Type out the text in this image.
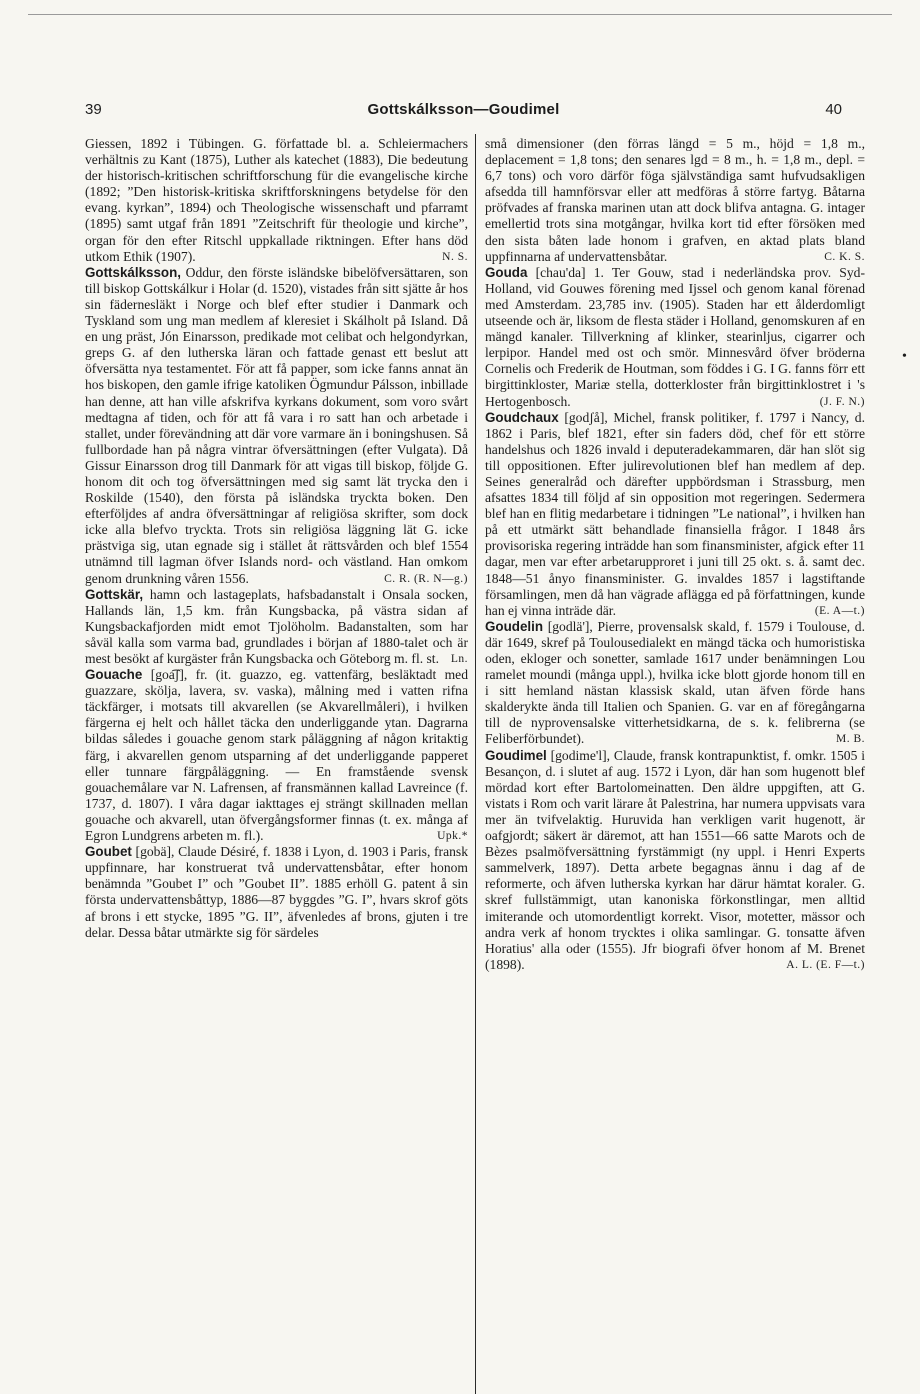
39	Gottskálksson—Goudimel	40
•

Giessen, 1892 i Tübingen. G. författade bl. a. Schleiermachers verhältnis zu Kant (1875), Luther als katechet (1883), Die bedeutung der historisch-kritischen schriftforschung für die evangelische kirche (1892; ”Den historisk-kritiska skriftforskningens betydelse för den evang. kyrkan”, 1894) och Theologische wissenschaft und pfarramt (1895) samt utgaf från 1891 ”Zeitschrift für theologie und kirche”, organ för den efter Ritschl uppkallade riktningen. Efter hans död utkom Ethik (1907).	N. S.

Gottskálksson, Oddur, den förste isländske bibelöfversättaren, son till biskop Gottskálkur i Holar (d. 1520), vistades från sitt sjätte år hos sin fädernesläkt i Norge och blef efter studier i Danmark och Tyskland som ung man medlem af kleresiet i Skálholt på Island. Då en ung präst, Jón Einarsson, predikade mot celibat och helgondyrkan, greps G. af den lutherska läran och fattade genast ett beslut att öfversätta nya testamentet. För att få papper, som icke fanns annat än hos biskopen, den gamle ifrige katoliken Ögmundur Pálsson, inbillade han denne, att han ville afskrifva kyrkans dokument, som voro svårt medtagna af tiden, och för att få vara i ro satt han och arbetade i stallet, under förevändning att där vore varmare än i boningshusen. Så fullbordade han på några vintrar öfversättningen (efter Vulgata). Då Gissur Einarsson drog till Danmark för att vigas till biskop, följde G. honom dit och tog öfversättningen med sig samt lät trycka den i Roskilde (1540), den första på isländska tryckta boken. Den efterföljdes af andra öfversättningar af religiösa skrifter, som dock icke alla blefvo tryckta. Trots sin religiösa läggning lät G. icke prästviga sig, utan egnade sig i stället åt rättsvården och blef 1554 utnämnd till lagman öfver Islands nord- och västland. Han omkom genom drunkning våren 1556.	C. R. (R. N—g.)

Gottskär, hamn och lastageplats, hafsbadanstalt i Onsala socken, Hallands län, 1,5 km. från Kungsbacka, på västra sidan af Kungsbackafjorden midt emot Tjolöholm. Badanstalten, som har såväl kalla som varma bad, grundlades i början af 1880-talet och är mest besökt af kurgäster från Kungsbacka och Göteborg m. fl. st. Ln.

Gouache [goa͡ʃ], fr. (it. guazzo, eg. vattenfärg, besläktadt med guazzare, skölja, lavera, sv. vaska), målning med i vatten rifna täckfärger, i motsats till akvarellen (se Akvarellmåleri), i hvilken färgerna ej helt och hållet täcka den underliggande ytan. Dagrarna bildas således i gouache genom stark påläggning af någon kritaktig färg, i akvarellen genom utsparning af det underliggande papperet eller tunnare färgpåläggning. — En framstående svensk gouachemålare var N. Lafrensen, af fransmännen kallad Lavreince (f. 1737, d. 1807). I våra dagar iakttages ej strängt skillnaden mellan gouache och akvarell, utan öfvergångsformer finnas (t. ex. många af Egron Lundgrens arbeten m. fl.).	Upk.*

Goubet [gobä], Claude Désiré, f. 1838 i Lyon, d. 1903 i Paris, fransk uppfinnare, har konstruerat två undervattensbåtar, efter honom benämnda ”Goubet I” och ”Goubet II”. 1885 erhöll G. patent å sin första undervattensbåttyp, 1886—87 byggdes ”G. I”, hvars skrof göts af brons i ett stycke, 1895 ”G. II”, äfvenledes af brons, gjuten i tre delar. Dessa båtar utmärkte sig för särdeles

små dimensioner (den förras längd = 5 m., höjd = 1,8 m., deplacement = 1,8 tons; den senares lgd = 8 m., h. = 1,8 m., depl. = 6,7 tons) och voro därför föga självständiga samt hufvudsakligen afsedda till hamnförsvar eller att medföras å större fartyg. Båtarna pröfvades af franska marinen utan att dock blifva antagna. G. intager emellertid trots sina motgångar, hvilka kort tid efter försöken med den sista båten lade honom i grafven, en aktad plats bland uppfinnarna af undervattensbåtar.	C. K. S.

Gouda [chau'da] 1. Ter Gouw, stad i nederländska prov. Syd-Holland, vid Gouwes förening med Ijssel och genom kanal förenad med Amsterdam. 23,785 inv. (1905). Staden har ett ålderdomligt utseende och är, liksom de flesta städer i Holland, genomskuren af en mängd kanaler. Tillverkning af klinker, stearinljus, cigarrer och lerpipor. Handel med ost och smör. Minnesvård öfver bröderna Cornelis och Frederik de Houtman, som föddes i G. I G. fanns förr ett birgittinkloster, Mariæ stella, dotterkloster från birgittinklostret i 's Hertogenbosch.	(J. F. N.)

Goudchaux [godʃå], Michel, fransk politiker, f. 1797 i Nancy, d. 1862 i Paris, blef 1821, efter sin faders död, chef för ett större handelshus och 1826 invald i deputeradekammaren, där han slöt sig till oppositionen. Efter julirevolutionen blef han medlem af dep. Seines generalråd och därefter uppbördsman i Strassburg, men afsattes 1834 till följd af sin opposition mot regeringen. Sedermera blef han en flitig medarbetare i tidningen ”Le national”, i hvilken han på ett utmärkt sätt behandlade finansiella frågor. I 1848 års provisoriska regering inträdde han som finansminister, afgick efter 11 dagar, men var efter arbetarupproret i juni till 25 okt. s. å. samt dec. 1848—51 ånyo finansminister. G. invaldes 1857 i lagstiftande församlingen, men då han vägrade aflägga ed på författningen, kunde han ej vinna inträde där.	(E. A—t.)

Goudelin [godlä'], Pierre, provensalsk skald, f. 1579 i Toulouse, d. där 1649, skref på Toulousedialekt en mängd täcka och humoristiska oden, ekloger och sonetter, samlade 1617 under benämningen Lou ramelet moundi (många uppl.), hvilka icke blott gjorde honom till en i sitt hemland nästan klassisk skald, utan äfven förde hans skalderykte ända till Italien och Spanien. G. var en af föregångarna till de nyprovensalske vitterhetsidkarna, de s. k. felibrerna (se Feliberförbundet).	M. B.

Goudimel [godime'l], Claude, fransk kontrapunktist, f. omkr. 1505 i Besançon, d. i slutet af aug. 1572 i Lyon, där han som hugenott blef mördad kort efter Bartolomeinatten. Den äldre uppgiften, att G. vistats i Rom och varit lärare åt Palestrina, har numera uppvisats vara mer än tvifvelaktig. Huruvida han verkligen varit hugenott, är oafgjordt; säkert är däremot, att han 1551—66 satte Marots och de Bèzes psalmöfversättning fyrstämmigt (ny uppl. i Henri Experts sammelverk, 1897). Detta arbete begagnas ännu i dag af de reformerte, och äfven lutherska kyrkan har därur hämtat koraler. G. skref fullstämmigt, utan kanoniska förkonstlingar, men alltid imiterande och utomordentligt korrekt. Visor, motetter, mässor och andra verk af honom trycktes i olika samlingar. G. tonsatte äfven Horatius' alla oder (1555). Jfr biografi öfver honom af M. Brenet (1898).	A. L. (E. F—t.)
